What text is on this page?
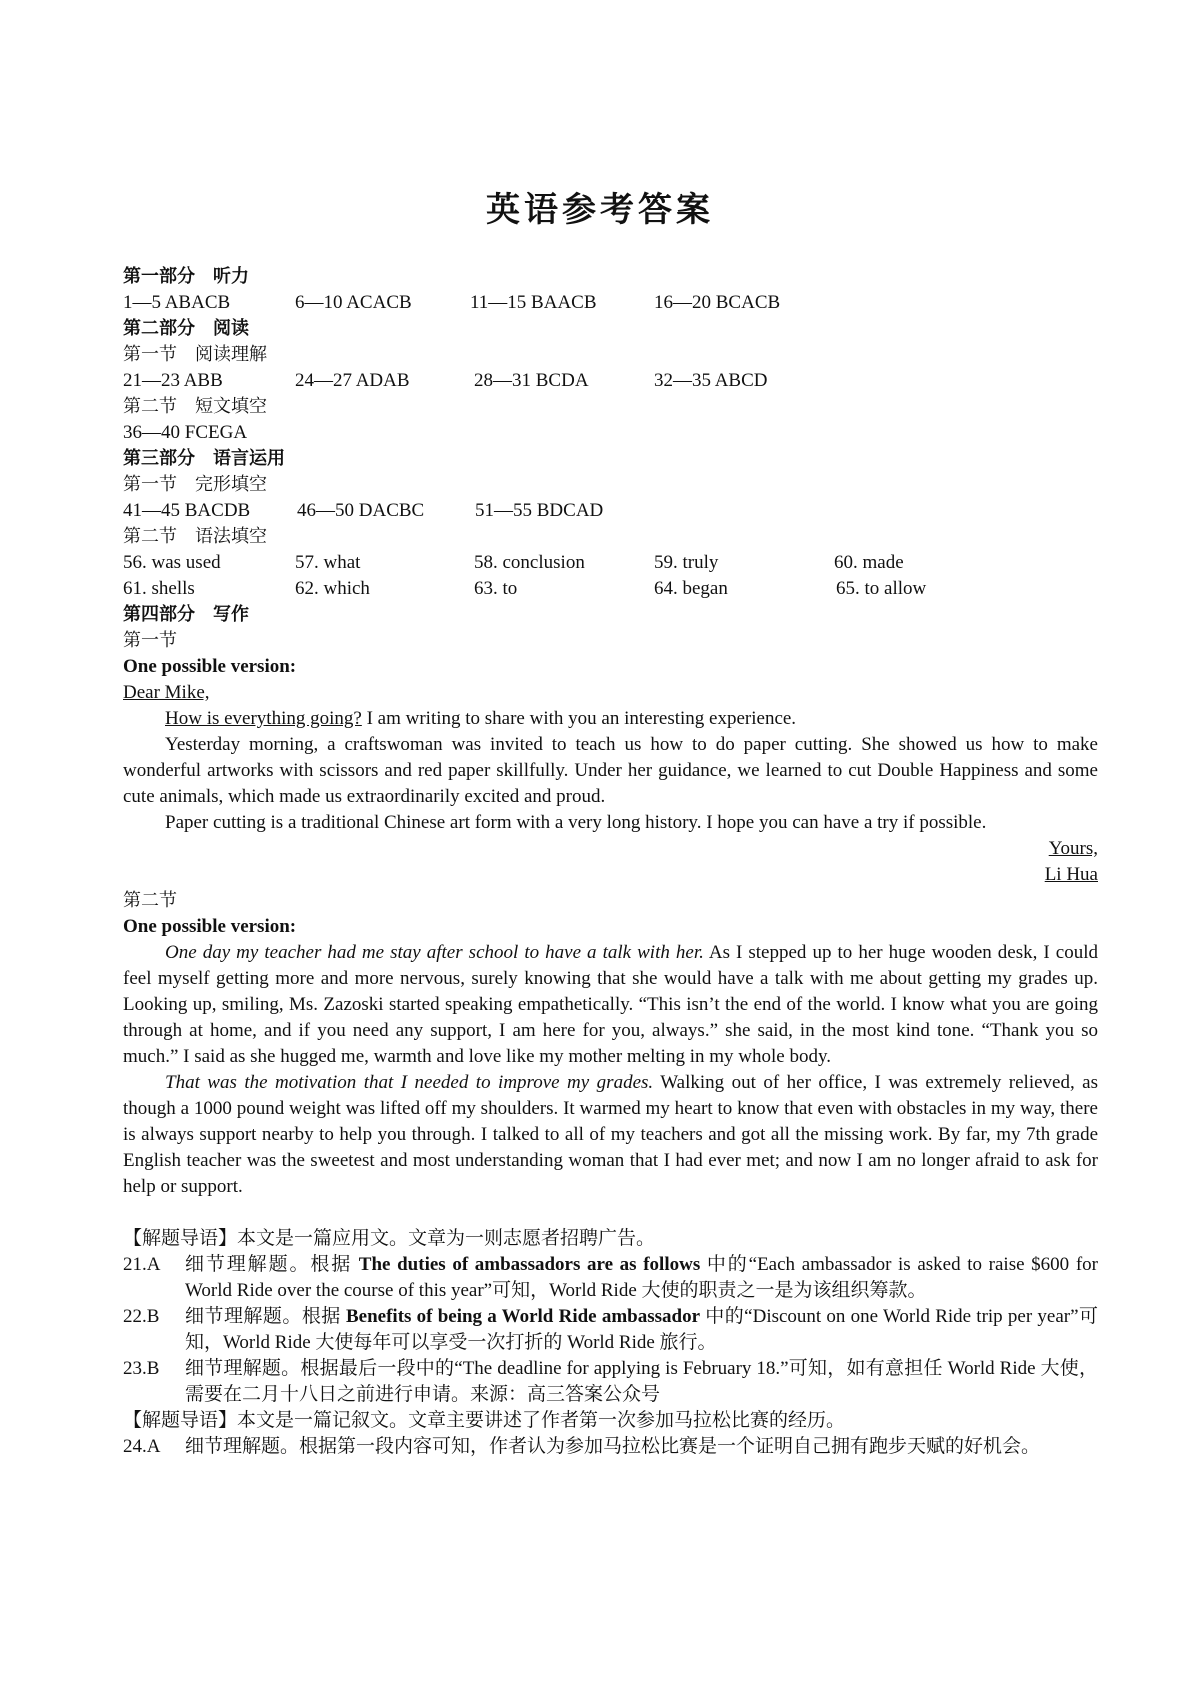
英语参考答案
第一部分　听力
1—5 ABACB	6—10 ACACB	11—15 BAACB	16—20 BCACB
第二部分　阅读
第一节　阅读理解
21—23 ABB	24—27 ADAB	28—31 BCDA	32—35 ABCD
第二节　短文填空
36—40 FCEGA
第三部分　语言运用
第一节　完形填空
41—45 BACDB 46—50 DACBC	51—55 BDCAD
第二节　语法填空
56. was used	57. what	58. conclusion	59. truly	60. made
61. shells	62. which	63. to	64. began	65. to allow
第四部分　写作
第一节
One possible version:
Dear Mike,
How is everything going? I am writing to share with you an interesting experience.
Yesterday morning, a craftswoman was invited to teach us how to do paper cutting. She showed us how to make wonderful artworks with scissors and red paper skillfully. Under her guidance, we learned to cut Double Happiness and some cute animals, which made us extraordinarily excited and proud.
Paper cutting is a traditional Chinese art form with a very long history. I hope you can have a try if possible.
Yours,
Li Hua
第二节
One possible version:
One day my teacher had me stay after school to have a talk with her. As I stepped up to her huge wooden desk, I could feel myself getting more and more nervous, surely knowing that she would have a talk with me about getting my grades up. Looking up, smiling, Ms. Zazoski started speaking empathetically. “This isn’t the end of the world. I know what you are going through at home, and if you need any support, I am here for you, always.” she said, in the most kind tone. “Thank you so much.” I said as she hugged me, warmth and love like my mother melting in my whole body.
That was the motivation that I needed to improve my grades. Walking out of her office, I was extremely relieved, as though a 1000 pound weight was lifted off my shoulders. It warmed my heart to know that even with obstacles in my way, there is always support nearby to help you through. I talked to all of my teachers and got all the missing work. By far, my 7th grade English teacher was the sweetest and most understanding woman that I had ever met; and now I am no longer afraid to ask for help or support.
【解题导语】本文是一篇应用文。文章为一则志愿者招聘广告。
21.A 细节理解题。根据 The duties of ambassadors are as follows 中的“Each ambassador is asked to raise $600 for World Ride over the course of this year”可知，World Ride 大使的职责之一是为该组织筹款。
22.B 细节理解题。根据 Benefits of being a World Ride ambassador 中的“Discount on one World Ride trip per year”可知，World Ride 大使每年可以享受一次打折的 World Ride 旅行。
23.B 细节理解题。根据最后一段中的“The deadline for applying is February 18.”可知，如有意担任 World Ride 大使，需要在二月十八日之前进行申请。来源：高三答案公众号
【解题导语】本文是一篇记叙文。文章主要讲述了作者第一次参加马拉松比赛的经历。
24.A 细节理解题。根据第一段内容可知，作者认为参加马拉松比赛是一个证明自己拥有跑步天赋的好机会。
